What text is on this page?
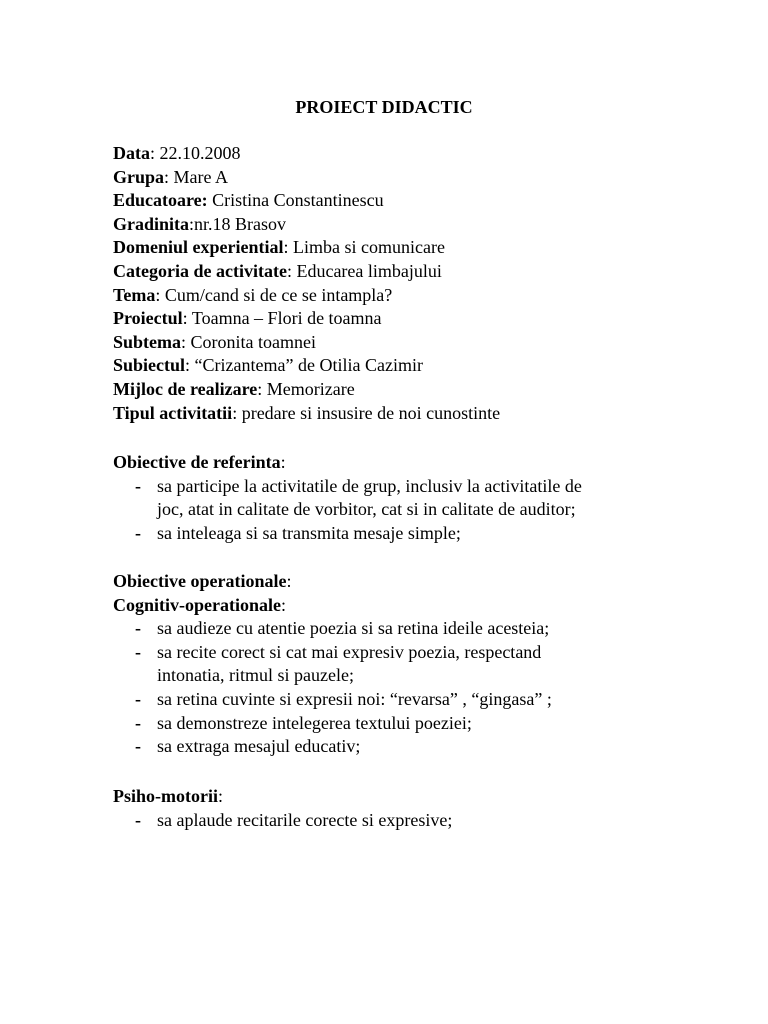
PROIECT DIDACTIC
Data: 22.10.2008
Grupa: Mare A
Educatoare: Cristina Constantinescu
Gradinita:nr.18 Brasov
Domeniul experiential: Limba si comunicare
Categoria de activitate: Educarea limbajului
Tema: Cum/cand si de ce se intampla?
Proiectul: Toamna – Flori de toamna
Subtema: Coronita toamnei
Subiectul: “Crizantema” de Otilia Cazimir
Mijloc de realizare: Memorizare
Tipul activitatii: predare si insusire de noi cunostinte
Obiective de referinta:
- sa participe la activitatile de grup, inclusiv la activitatile de
joc, atat in calitate de vorbitor, cat si in calitate de auditor;
- sa inteleaga si sa transmita mesaje simple;
Obiective operationale:
Cognitiv-operationale:
- sa audieze cu atentie poezia si sa retina ideile acesteia;
- sa recite corect si cat mai expresiv poezia, respectand
intonatia, ritmul si pauzele;
- sa retina cuvinte si expresii noi: “revarsa” , “gingasa” ;
- sa demonstreze intelegerea textului poeziei;
- sa extraga mesajul educativ;
Psiho-motorii:
- sa aplaude recitarile corecte si expresive;
